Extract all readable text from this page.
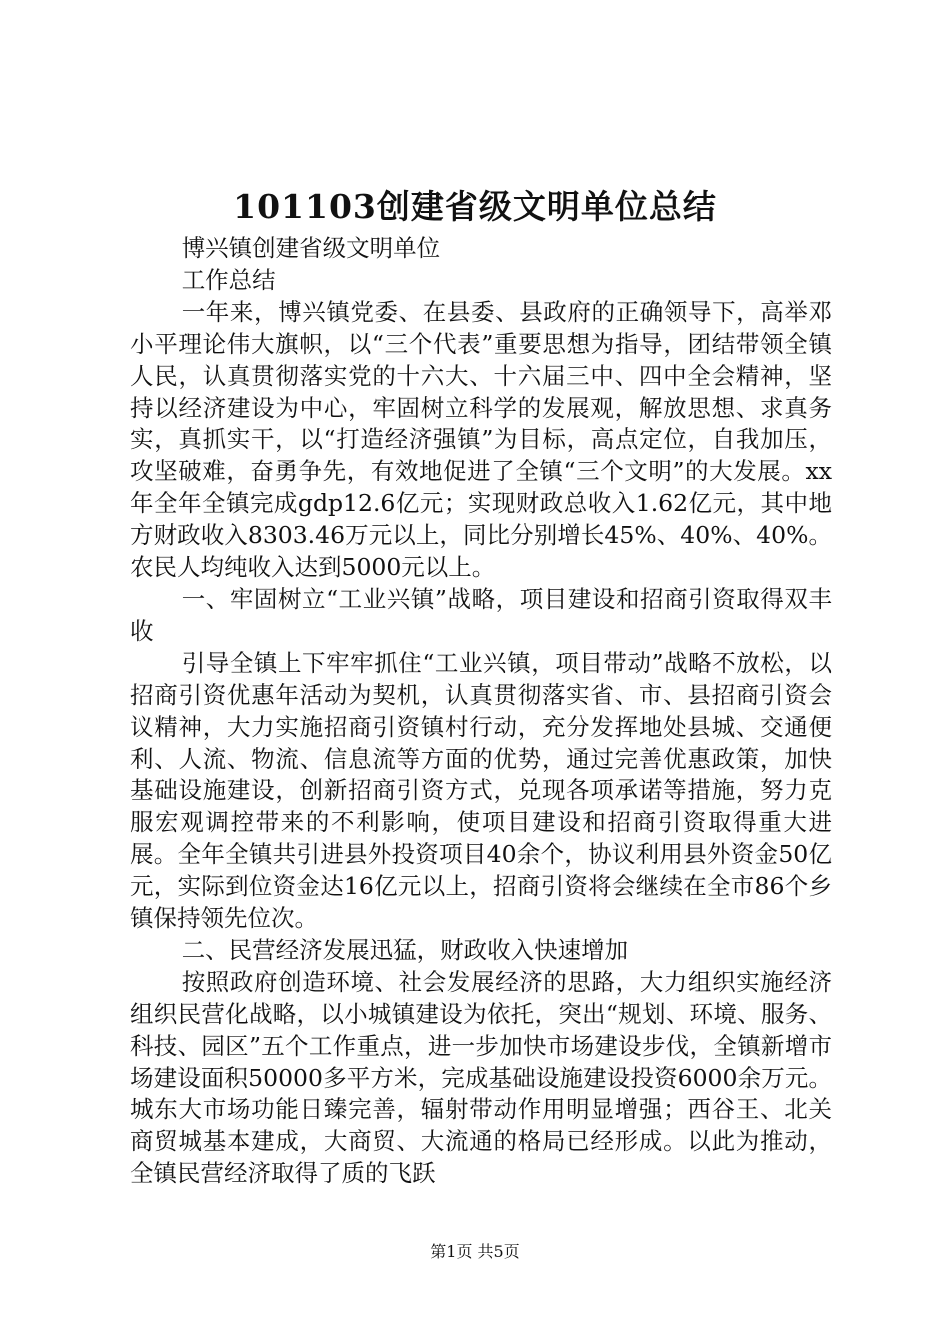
101103创建省级文明单位总结

博兴镇创建省级文明单位

工作总结

一年来，博兴镇党委、在县委、县政府的正确领导下，高举邓小平理论伟大旗帜，以“三个代表”重要思想为指导，团结带领全镇人民，认真贯彻落实党的十六大、十六届三中、四中全会精神，坚持以经济建设为中心，牢固树立科学的发展观，解放思想、求真务实，真抓实干，以“打造经济强镇”为目标，高点定位，自我加压，攻坚破难，奋勇争先，有效地促进了全镇“三个文明”的大发展。xx年全年全镇完成gdp12.6亿元；实现财政总收入1.62亿元，其中地方财政收入8303.46万元以上，同比分别增长45%、40%、40%。农民人均纯收入达到5000元以上。

一、牢固树立“工业兴镇”战略，项目建设和招商引资取得双丰收

引导全镇上下牢牢抓住“工业兴镇，项目带动”战略不放松，以招商引资优惠年活动为契机，认真贯彻落实省、市、县招商引资会议精神，大力实施招商引资镇村行动，充分发挥地处县城、交通便利、人流、物流、信息流等方面的优势，通过完善优惠政策，加快基础设施建设，创新招商引资方式，兑现各项承诺等措施，努力克服宏观调控带来的不利影响，使项目建设和招商引资取得重大进展。全年全镇共引进县外投资项目40余个，协议利用县外资金50亿元，实际到位资金达16亿元以上，招商引资将会继续在全市86个乡镇保持领先位次。

二、民营经济发展迅猛，财政收入快速增加

按照政府创造环境、社会发展经济的思路，大力组织实施经济组织民营化战略，以小城镇建设为依托，突出“规划、环境、服务、科技、园区”五个工作重点，进一步加快市场建设步伐，全镇新增市场建设面积50000多平方米，完成基础设施建设投资6000余万元。城东大市场功能日臻完善，辐射带动作用明显增强；西谷王、北关商贸城基本建成，大商贸、大流通的格局已经形成。以此为推动，全镇民营经济取得了质的飞跃

第1页 共5页
